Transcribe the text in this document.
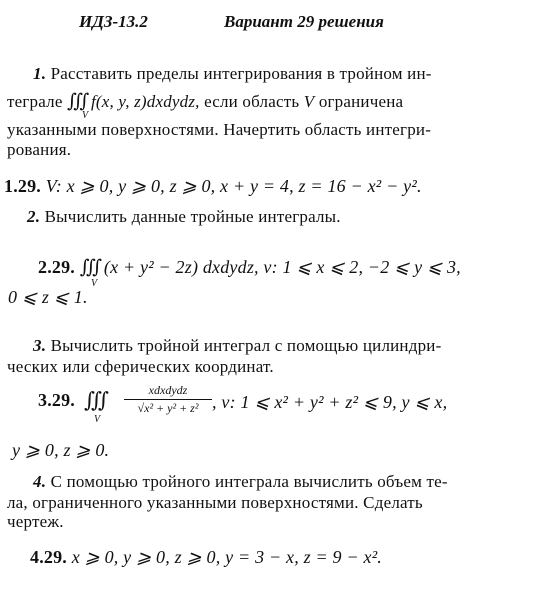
ИДЗ-13.2	Вариант 29 решения
1. Расставить пределы интегрирования в тройном ин-
теграле ∭ f(x, y, z)dxdydz, если область V ограничена
V
указанными поверхностями. Начертить область интегри-
рования.
1.29. V: x ⩾ 0, y ⩾ 0, z ⩾ 0, x + y = 4, z = 16 − x² − y².
2. Вычислить данные тройные интегралы.
2.29. ∭ (x + y² − 2z) dxdydz, v: 1 ⩽ x ⩽ 2, −2 ⩽ y ⩽ 3,
V
0 ⩽ z ⩽ 1.
3. Вычислить тройной интеграл с помощью цилиндри-
ческих или сферических координат.
3.29. ∭
V
xdxdydz
√x² + y² + z² , v: 1 ⩽ x² + y² + z² ⩽ 9, y ⩽ x,
y ⩾ 0, z ⩾ 0.
4. С помощью тройного интеграла вычислить объем те-
ла, ограниченного указанными поверхностями. Сделать
чертеж.
4.29. x ⩾ 0, y ⩾ 0, z ⩾ 0, y = 3 − x, z = 9 − x².
